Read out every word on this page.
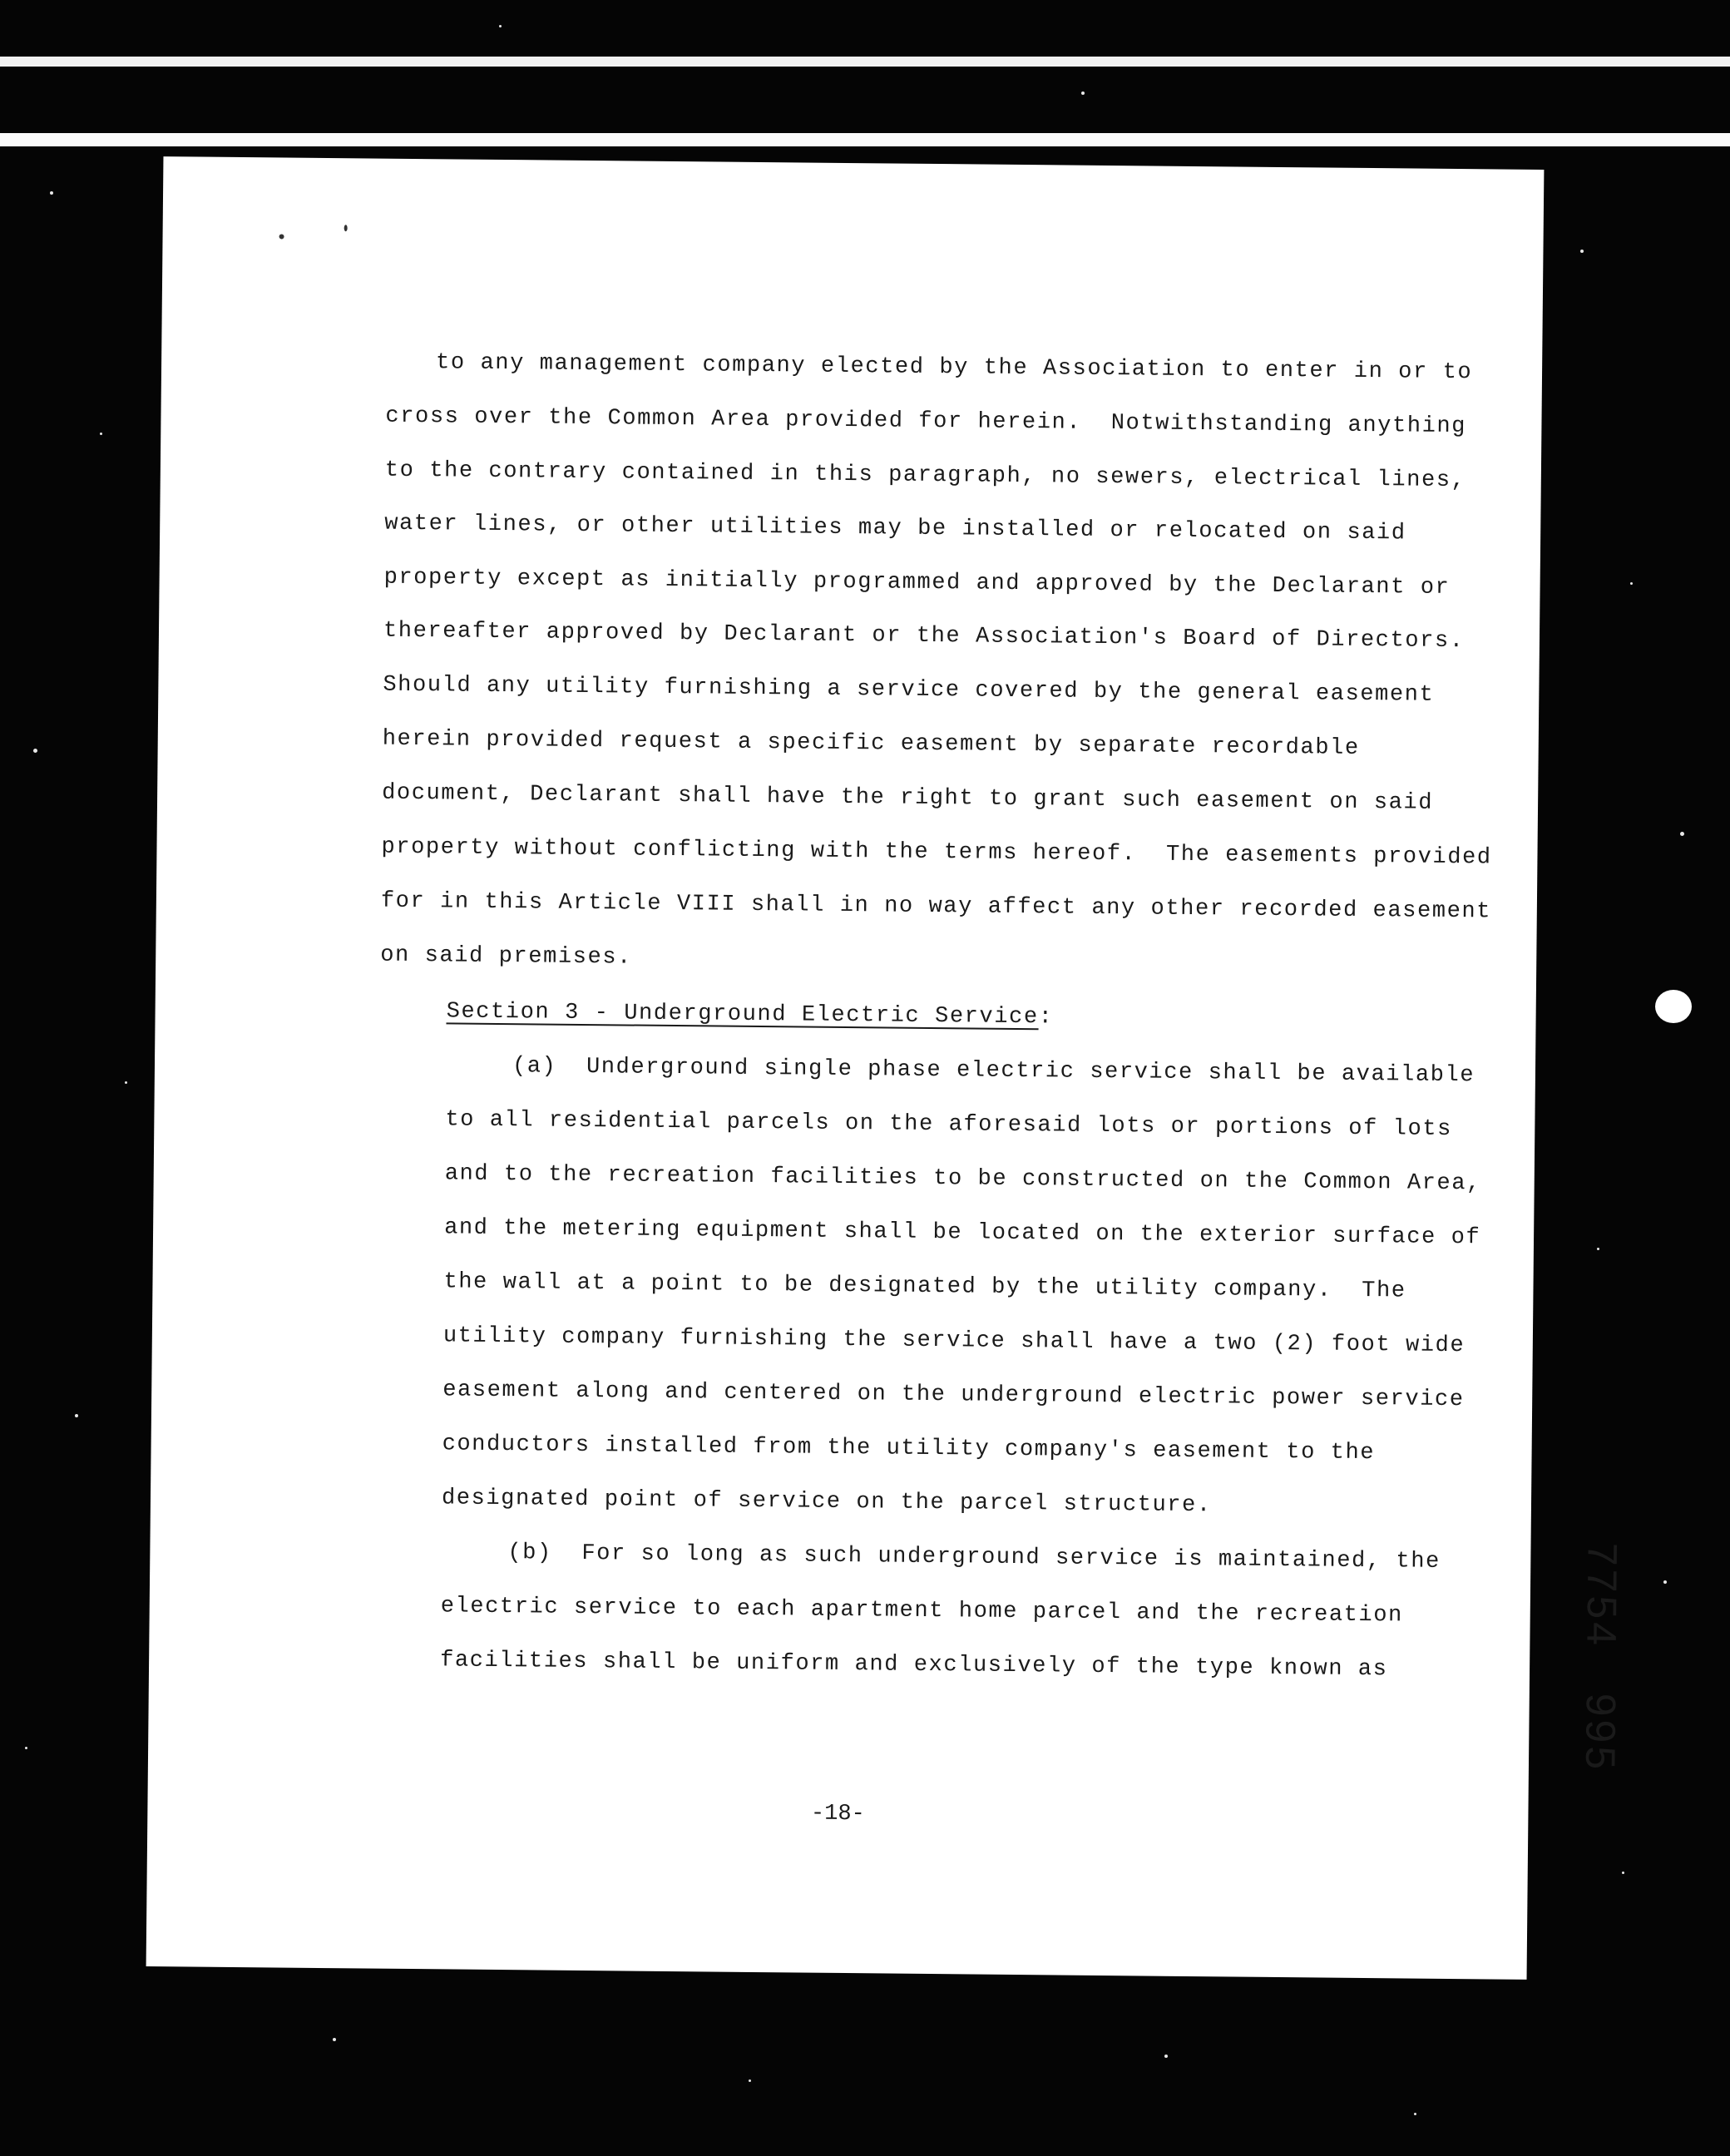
to any management company elected by the Association to enter in or to
cross over the Common Area provided for herein.  Notwithstanding anything
to the contrary contained in this paragraph, no sewers, electrical lines,
water lines, or other utilities may be installed or relocated on said
property except as initially programmed and approved by the Declarant or
thereafter approved by Declarant or the Association's Board of Directors.
Should any utility furnishing a service covered by the general easement
herein provided request a specific easement by separate recordable
document, Declarant shall have the right to grant such easement on said
property without conflicting with the terms hereof.  The easements provided
for in this Article VIII shall in no way affect any other recorded easement
on said premises.
Section 3 - Underground Electric Service:
(a)  Underground single phase electric service shall be available
to all residential parcels on the aforesaid lots or portions of lots
and to the recreation facilities to be constructed on the Common Area,
and the metering equipment shall be located on the exterior surface of
the wall at a point to be designated by the utility company.  The
utility company furnishing the service shall have a two (2) foot wide
easement along and centered on the underground electric power service
conductors installed from the utility company's easement to the
designated point of service on the parcel structure.
(b)  For so long as such underground service is maintained, the
electric service to each apartment home parcel and the recreation
facilities shall be uniform and exclusively of the type known as
-18-
7754   995
